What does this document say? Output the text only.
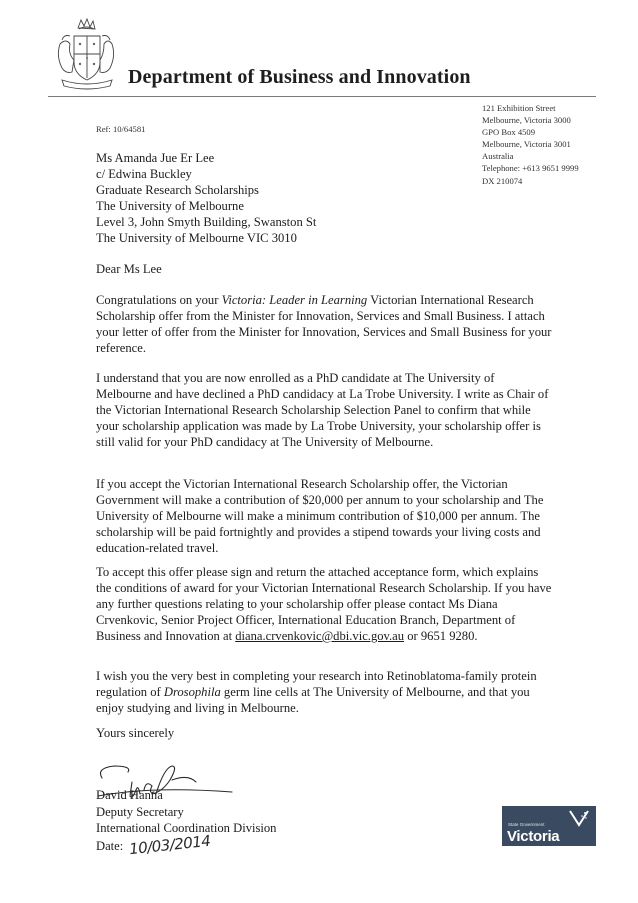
Department of Business and Innovation
121 Exhibition Street
Melbourne, Victoria 3000
GPO Box 4509
Melbourne, Victoria 3001
Australia
Telephone: +613 9651 9999
DX 210074
Ref: 10/64581
Ms Amanda Jue Er Lee
c/ Edwina Buckley
Graduate Research Scholarships
The University of Melbourne
Level 3, John Smyth Building, Swanston St
The University of Melbourne VIC 3010
Dear Ms Lee

Congratulations on your Victoria: Leader in Learning Victorian International Research Scholarship offer from the Minister for Innovation, Services and Small Business. I attach your letter of offer from the Minister for Innovation, Services and Small Business for your reference.

I understand that you are now enrolled as a PhD candidate at The University of Melbourne and have declined a PhD candidacy at La Trobe University. I write as Chair of the Victorian International Research Scholarship Selection Panel to confirm that while your scholarship application was made by La Trobe University, your scholarship offer is still valid for your PhD candidacy at The University of Melbourne.

If you accept the Victorian International Research Scholarship offer, the Victorian Government will make a contribution of $20,000 per annum to your scholarship and The University of Melbourne will make a minimum contribution of $10,000 per annum. The scholarship will be paid fortnightly and provides a stipend towards your living costs and education-related travel.

To accept this offer please sign and return the attached acceptance form, which explains the conditions of award for your Victorian International Research Scholarship. If you have any further questions relating to your scholarship offer please contact Ms Diana Crvenkovic, Senior Project Officer, International Education Branch, Department of Business and Innovation at diana.crvenkovic@dbi.vic.gov.au or 9651 9280.

I wish you the very best in completing your research into Retinoblatoma-family protein regulation of Drosophila germ line cells at The University of Melbourne, and that you enjoy studying and living in Melbourne.

Yours sincerely
David Hanna
Deputy Secretary
International Coordination Division
Date: 10/03/2014
State Government
Victoria
